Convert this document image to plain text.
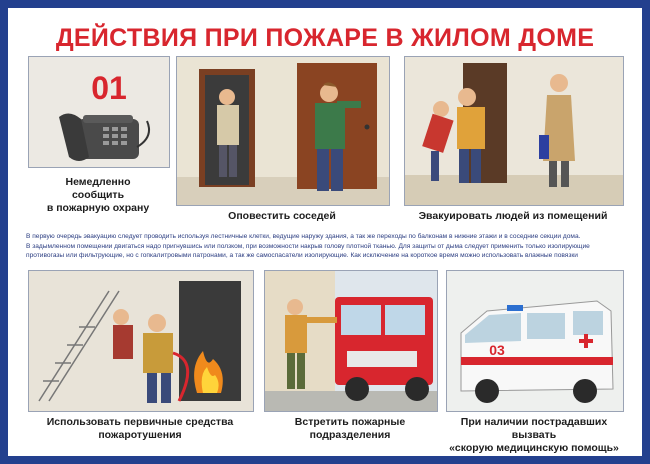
ДЕЙСТВИЯ ПРИ ПОЖАРЕ В ЖИЛОМ ДОМЕ
01
Немедленно
сообщить
в пожарную охрану
Оповестить соседей	Эвакуировать людей из помещений
В первую очередь эвакуацию следует проводить используя лестничные клетки, ведущие наружу здания, а так же переходы по балконам в нижние этажи и в соседние секции дома.
В задымленном помещении двигаться надо пригнувшись или ползком, при возможности накрыв голову плотной тканью. Для защиты от дыма следует применить только изолирующие
противогазы или фильтрующие, но с гопкалитровыми патронами, а так же самоспасатели изолирующие. Как исключение на короткое время можно использовать влажные повязки
Использовать первичные средства
пожаротушения
Встретить пожарные
подразделения
03
При наличии пострадавших вызвать
«скорую медицинскую помощь»
